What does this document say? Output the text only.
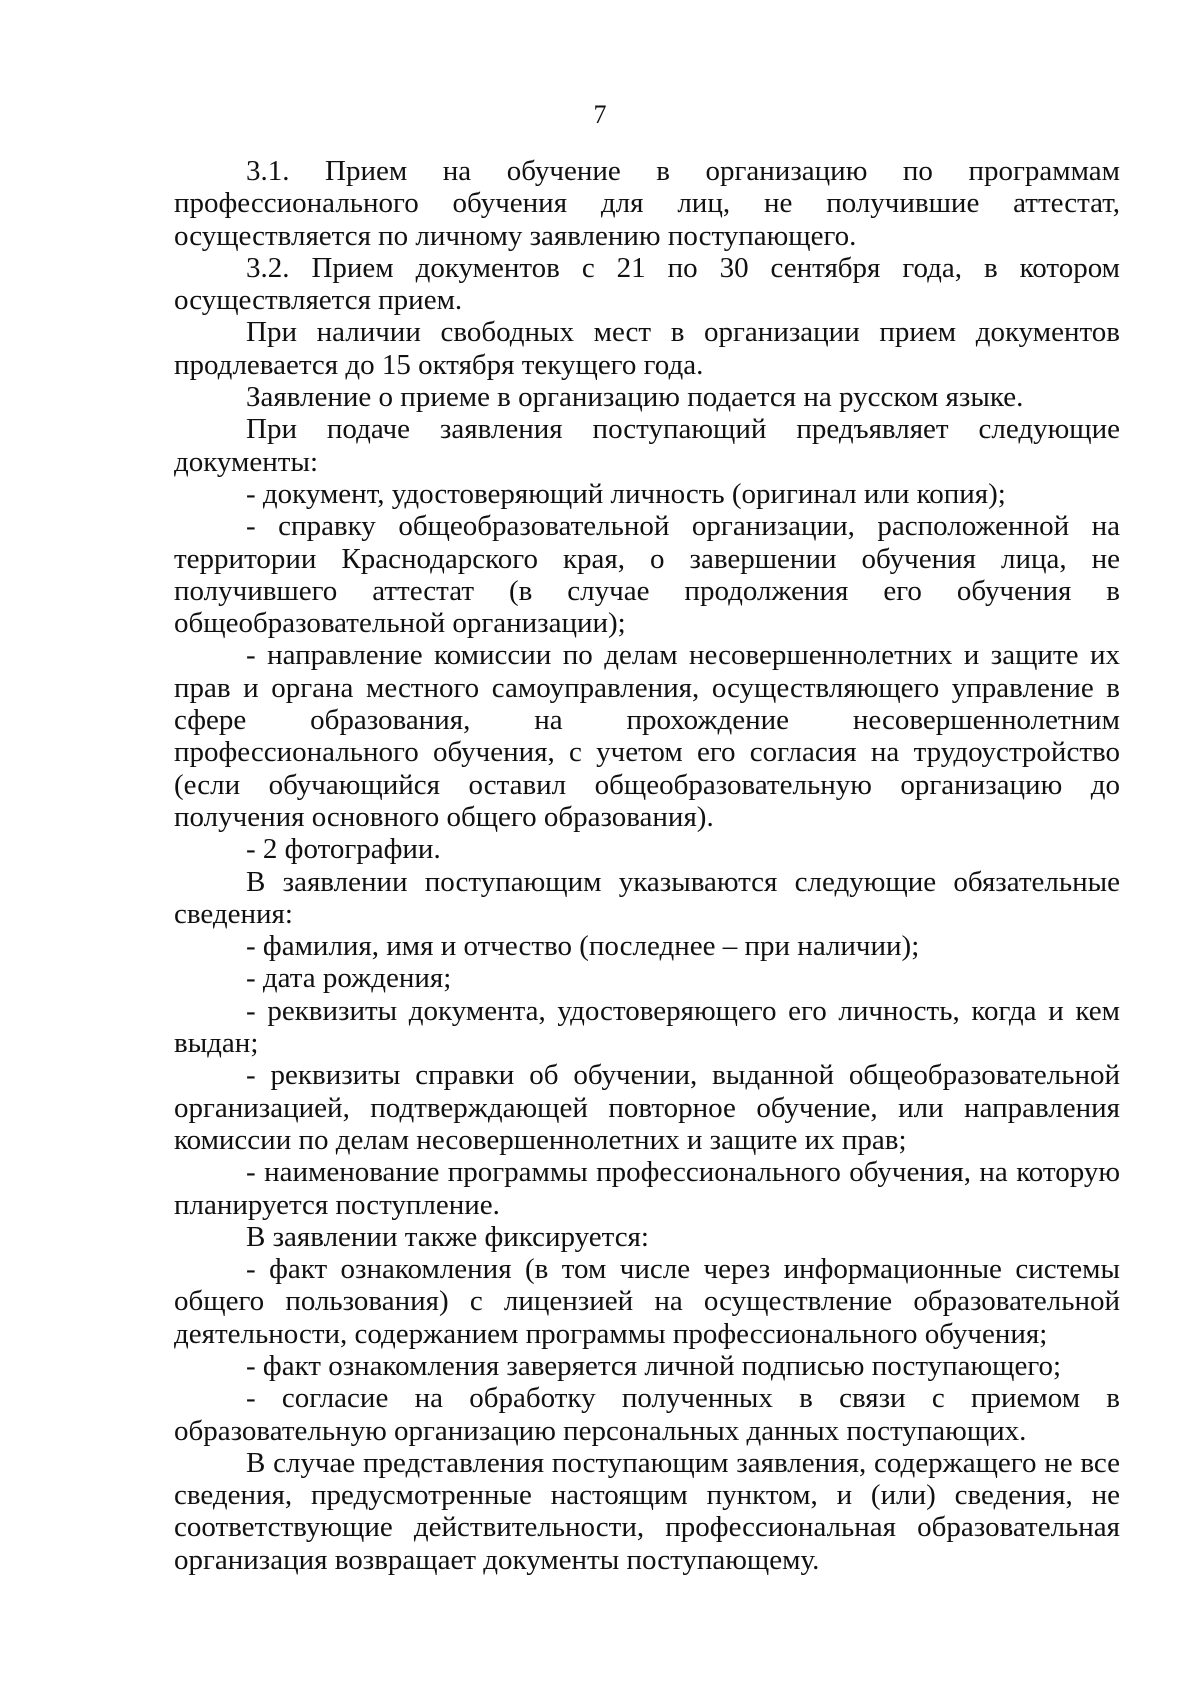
7

3.1. Прием на обучение в организацию по программам профессионального обучения для лиц, не получившие аттестат, осуществляется по личному заявлению поступающего.

3.2. Прием документов с 21 по 30 сентября года, в котором осуществляется прием.

При наличии свободных мест в организации прием документов продлевается до 15 октября текущего года.

Заявление о приеме в организацию подается на русском языке.

При подаче заявления поступающий предъявляет следующие документы:

- документ, удостоверяющий личность (оригинал или копия);

- справку общеобразовательной организации, расположенной на территории Краснодарского края, о завершении обучения лица, не получившего аттестат (в случае продолжения его обучения в общеобразовательной организации);

- направление комиссии по делам несовершеннолетних и защите их прав и органа местного самоуправления, осуществляющего управление в сфере образования, на прохождение несовершеннолетним профессионального обучения, с учетом его согласия на трудоустройство (если обучающийся оставил общеобразовательную организацию до получения основного общего образования).

- 2 фотографии.

В заявлении поступающим указываются следующие обязательные сведения:

- фамилия, имя и отчество (последнее – при наличии);

- дата рождения;

- реквизиты документа, удостоверяющего его личность, когда и кем выдан;

- реквизиты справки об обучении, выданной общеобразовательной организацией, подтверждающей повторное обучение, или направления комиссии по делам несовершеннолетних и защите их прав;

- наименование программы профессионального обучения, на которую планируется поступление.

В заявлении также фиксируется:

- факт ознакомления (в том числе через информационные системы общего пользования) с лицензией на осуществление образовательной деятельности, содержанием программы профессионального обучения;

- факт ознакомления заверяется личной подписью поступающего;

- согласие на обработку полученных в связи с приемом в образовательную организацию персональных данных поступающих.

В случае представления поступающим заявления, содержащего не все сведения, предусмотренные настоящим пунктом, и (или) сведения, не соответствующие действительности, профессиональная образовательная организация возвращает документы поступающему.
